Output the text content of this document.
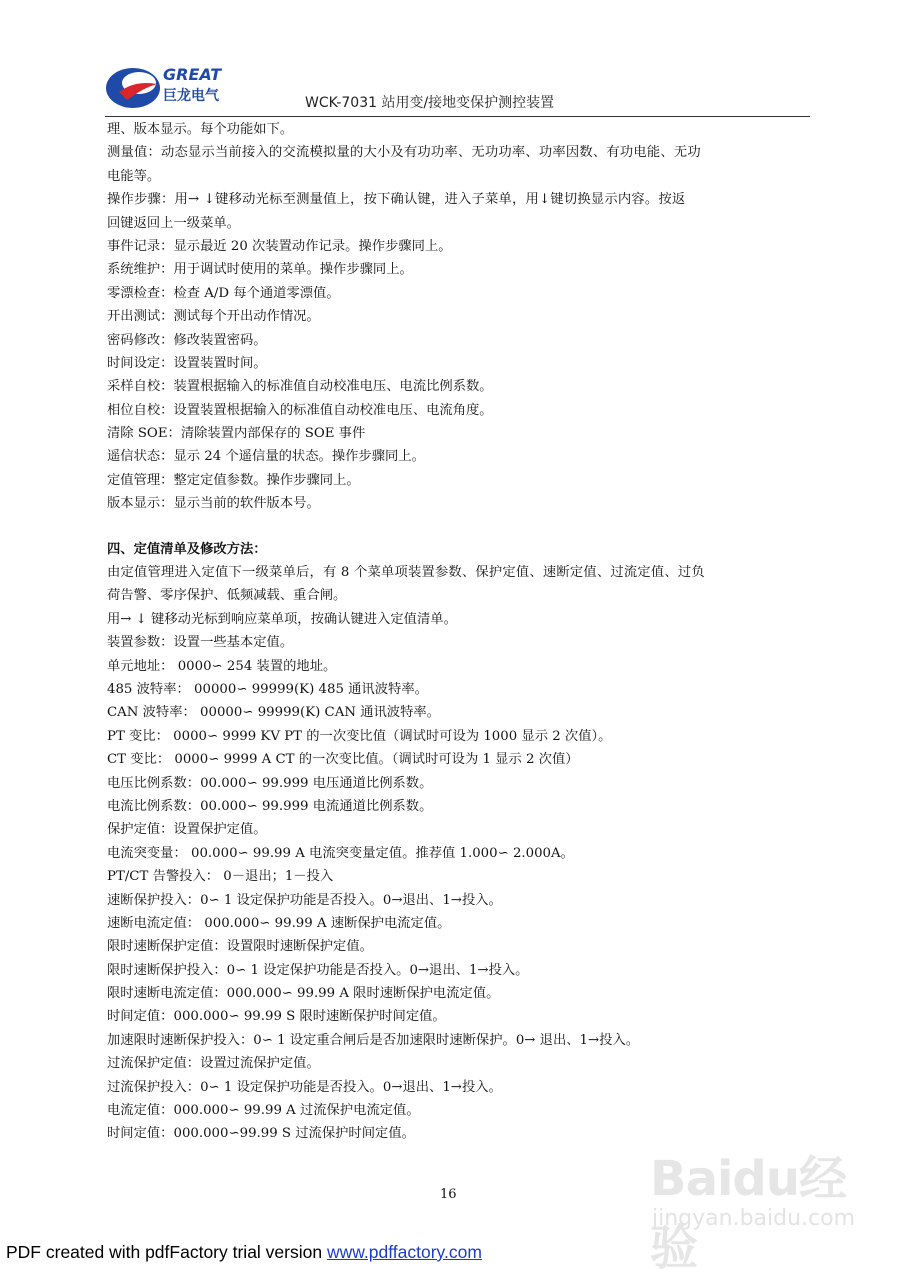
GREAT
巨龙电气	WCK-7031 站用变/接地变保护测控装置
理、版本显示。每个功能如下。
测量值：动态显示当前接入的交流模拟量的大小及有功功率、无功功率、功率因数、有功电能、无功
电能等。
操作步骤：用→ ↓键移动光标至测量值上，按下确认键，进入子菜单，用↓键切换显示内容。按返
回键返回上一级菜单。
事件记录：显示最近 20 次装置动作记录。操作步骤同上。
系统维护：用于调试时使用的菜单。操作步骤同上。
零漂检查：检查 A/D 每个通道零漂值。
开出测试：测试每个开出动作情况。
密码修改：修改装置密码。
时间设定：设置装置时间。
采样自校：装置根据输入的标准值自动校准电压、电流比例系数。
相位自校：设置装置根据输入的标准值自动校准电压、电流角度。
清除 SOE：清除装置内部保存的 SOE 事件
遥信状态：显示 24 个遥信量的状态。操作步骤同上。
定值管理：整定定值参数。操作步骤同上。
版本显示：显示当前的软件版本号。
四、定值清单及修改方法：
由定值管理进入定值下一级菜单后，有 8 个菜单项装置参数、保护定值、速断定值、过流定值、过负
荷告警、零序保护、低频减载、重合闸。
用→ ↓ 键移动光标到响应菜单项，按确认键进入定值清单。
装置参数：设置一些基本定值。
单元地址： 0000∽ 254 装置的地址。
485 波特率： 00000∽ 99999(K) 485 通讯波特率。
CAN 波特率： 00000∽ 99999(K) CAN 通讯波特率。
PT 变比： 0000∽ 9999 KV PT 的一次变比值（调试时可设为 1000 显示 2 次值）。
CT 变比： 0000∽ 9999 A CT 的一次变比值。（调试时可设为 1 显示 2 次值）
电压比例系数：00.000∽ 99.999 电压通道比例系数。
电流比例系数：00.000∽ 99.999 电流通道比例系数。
保护定值：设置保护定值。
电流突变量： 00.000∽ 99.99 A 电流突变量定值。推荐值 1.000∽ 2.000A。
PT/CT 告警投入： 0－退出；1－投入
速断保护投入：0∽ 1 设定保护功能是否投入。0→退出、1→投入。
速断电流定值： 000.000∽ 99.99 A 速断保护电流定值。
限时速断保护定值：设置限时速断保护定值。
限时速断保护投入：0∽ 1 设定保护功能是否投入。0→退出、1→投入。
限时速断电流定值：000.000∽ 99.99 A 限时速断保护电流定值。
时间定值：000.000∽ 99.99 S 限时速断保护时间定值。
加速限时速断保护投入：0∽ 1 设定重合闸后是否加速限时速断保护。0→ 退出、1→投入。
过流保护定值：设置过流保护定值。
过流保护投入：0∽ 1 设定保护功能是否投入。0→退出、1→投入。
电流定值：000.000∽ 99.99 A 过流保护电流定值。
时间定值：000.000∽99.99 S 过流保护时间定值。
16	Baidu经验
jingyan.baidu.com
PDF created with pdfFactory trial version www.pdffactory.com
